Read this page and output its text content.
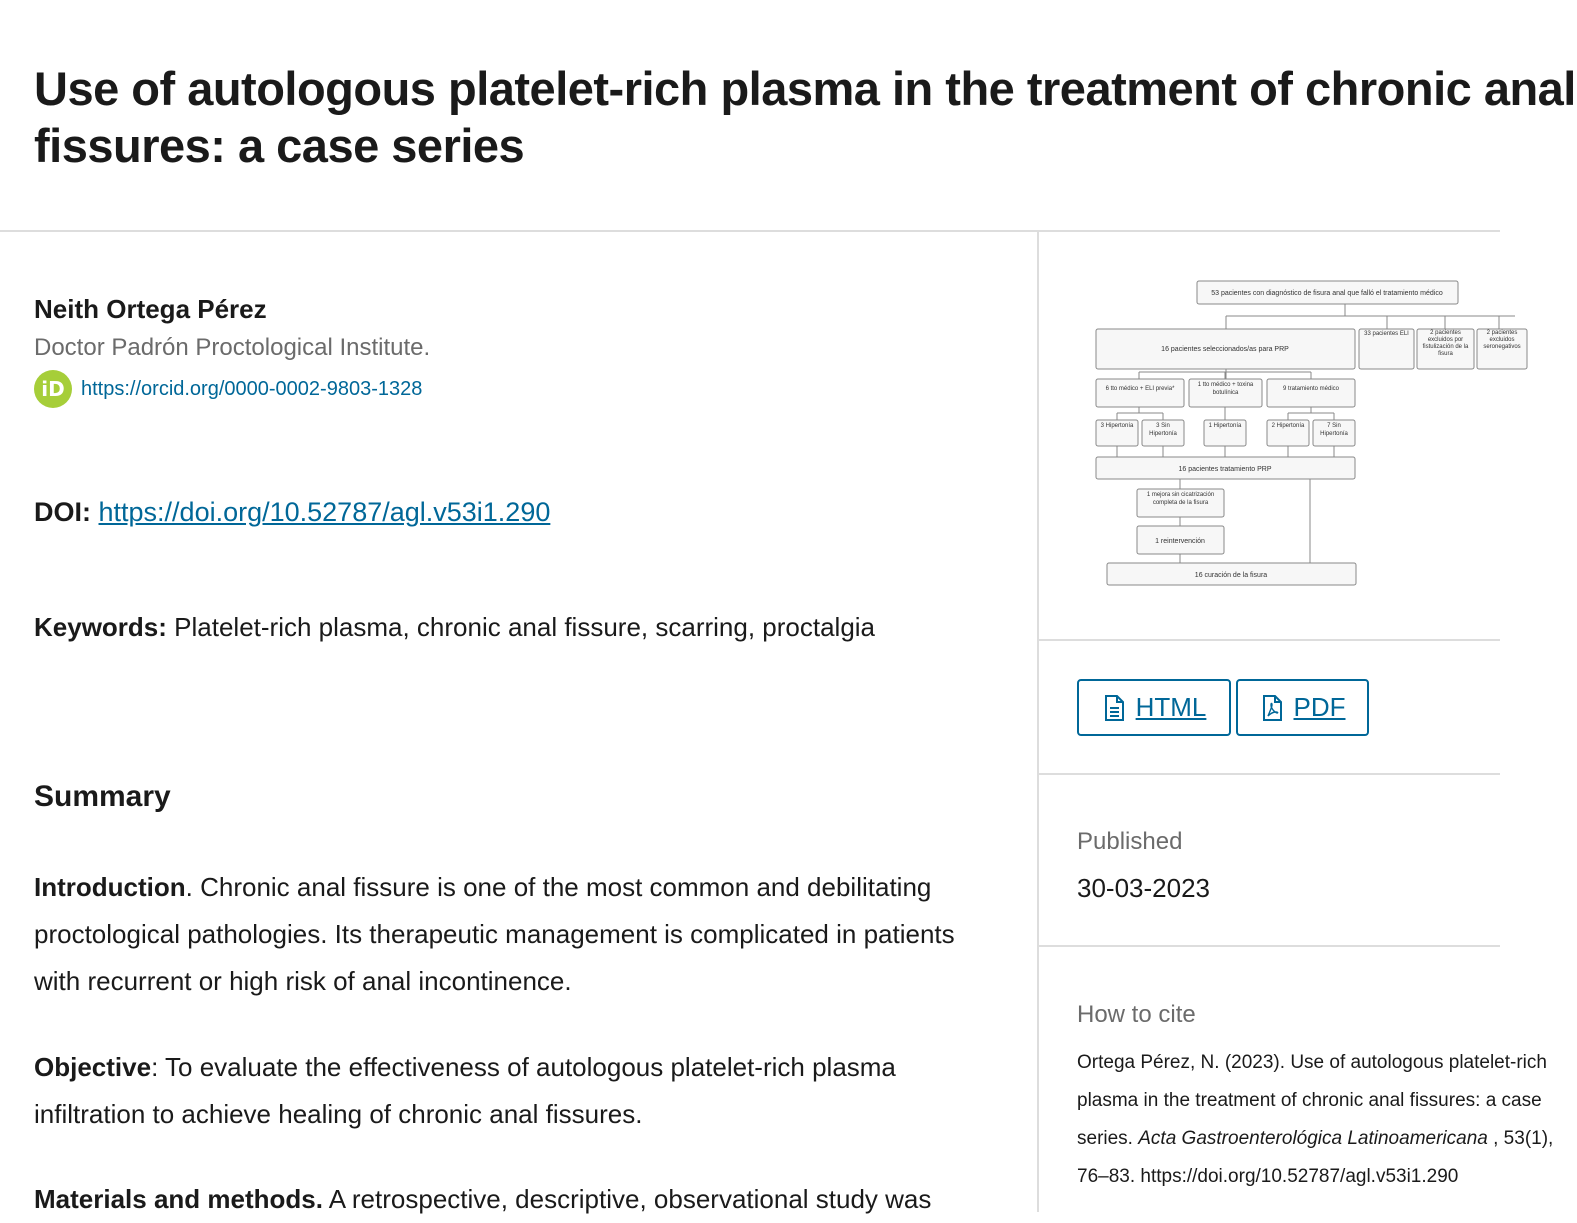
Use of autologous platelet-rich plasma in the treatment of chronic anal
fissures: a case series
Neith Ortega Pérez
Doctor Padrón Proctological Institute.
iD https://orcid.org/0000-0002-9803-1328
DOI: https://doi.org/10.52787/agl.v53i1.290
Keywords: Platelet-rich plasma, chronic anal fissure, scarring, proctalgia
Summary

Introduction. Chronic anal fissure is one of the most common and debilitating proctological pathologies. Its therapeutic management is complicated in patients with recurrent or high risk of anal incontinence.

Objective: To evaluate the effectiveness of autologous platelet-rich plasma infiltration to achieve healing of chronic anal fissures.

Materials and methods. A retrospective, descriptive, observational study was

53 pacientes con diagnóstico de fisura anal que falló el tratamiento médico
16 pacientes seleccionados/as para PRP
33 pacientes ELI	2 pacientes excluidos por fistulización de la fisura
2 pacientes excluidos seronegativos
6 tto médico + ELI previa*
1 tto médico + toxina botulínica
9 tratamiento médico
3 Hipertonía	3 Sin Hipertonía
1 Hipertonía	2 Hipertonía	7 Sin Hipertonía
16 pacientes tratamiento PRP
1 mejora sin cicatrización completa de la fisura
1 reintervención
16 curación de la fisura
HTML	PDF
Published
30-03-2023
How to cite
Ortega Pérez, N. (2023). Use of autologous platelet-rich plasma in the treatment of chronic anal fissures: a case series. Acta Gastroenterológica Latinoamericana , 53(1), 76–83. https://doi.org/10.52787/agl.v53i1.290
